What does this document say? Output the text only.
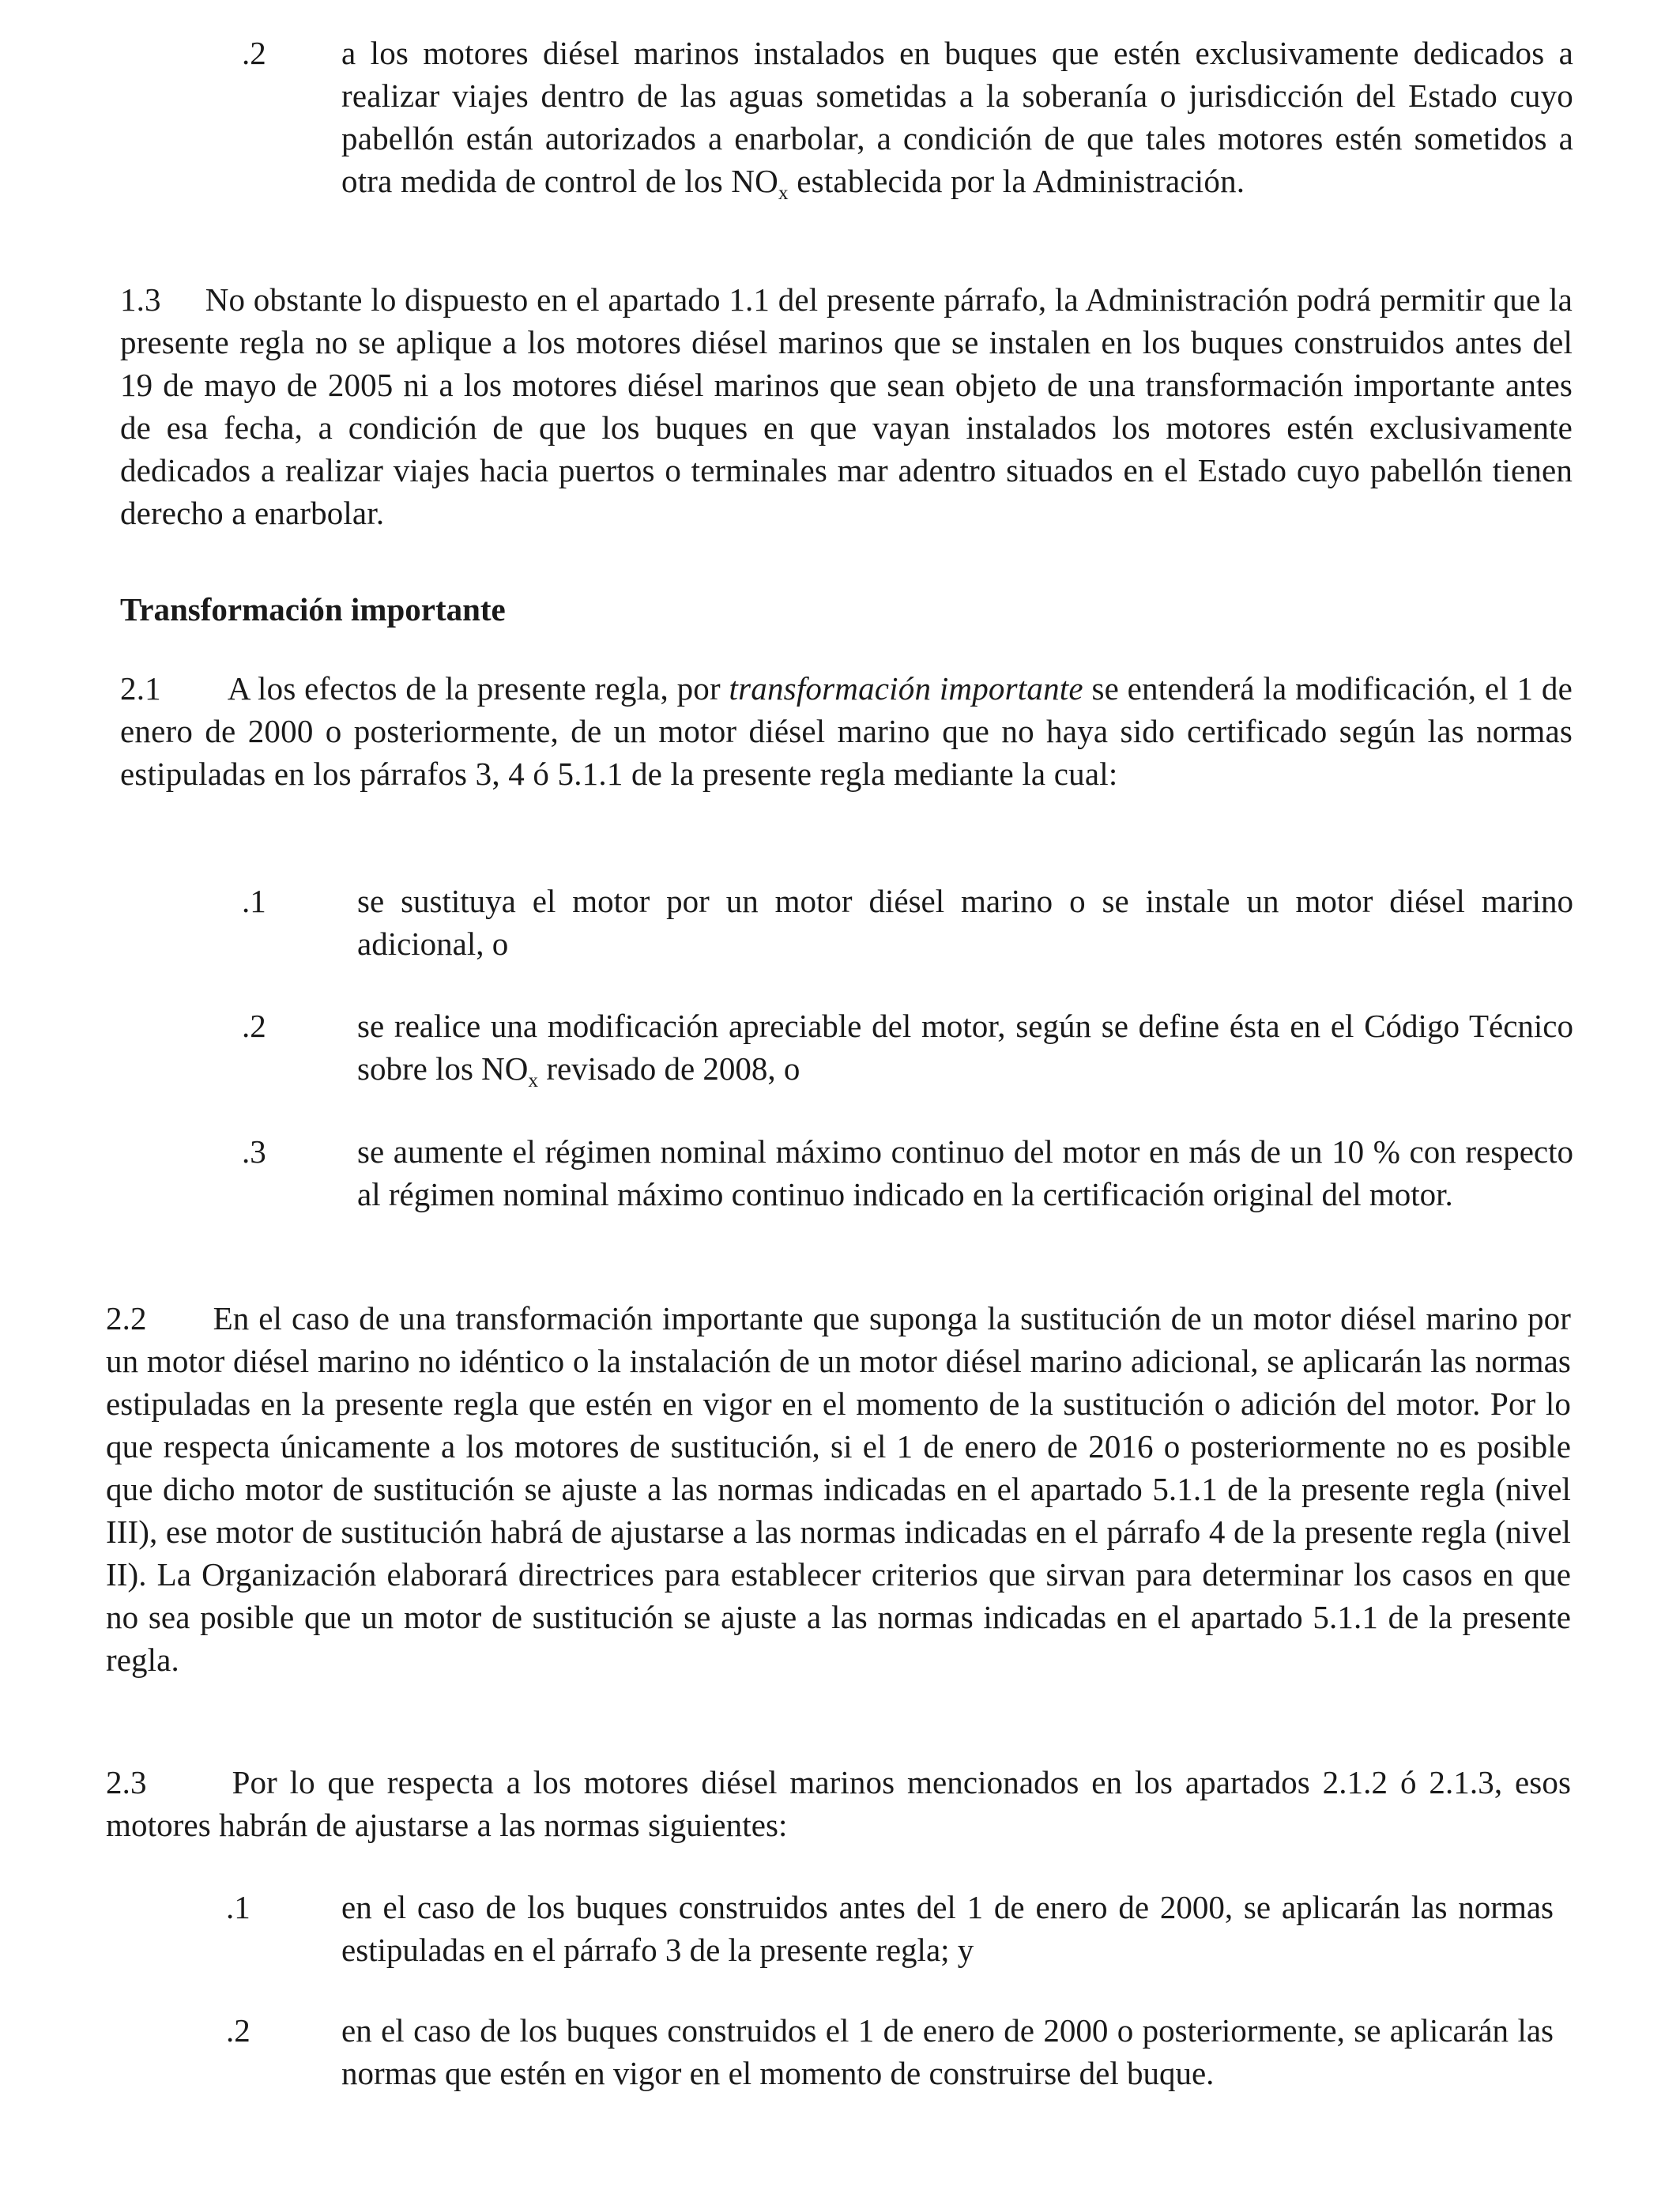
.2 a los motores diésel marinos instalados en buques que estén exclusivamente dedicados a realizar viajes dentro de las aguas sometidas a la soberanía o jurisdicción del Estado cuyo pabellón están autorizados a enarbolar, a condición de que tales motores estén sometidos a otra medida de control de los $NO_x$ establecida por la Administración.
1.3 No obstante lo dispuesto en el apartado 1.1 del presente párrafo, la Administración podrá permitir que la presente regla no se aplique a los motores diésel marinos que se instalen en los buques construidos antes del 19 de mayo de 2005 ni a los motores diésel marinos que sean objeto de una transformación importante antes de esa fecha, a condición de que los buques en que vayan instalados los motores estén exclusivamente dedicados a realizar viajes hacia puertos o terminales mar adentro situados en el Estado cuyo pabellón tienen derecho a enarbolar.
Transformación importante
2.1 A los efectos de la presente regla, por transformación importante se entenderá la modificación, el 1 de enero de 2000 o posteriormente, de un motor diésel marino que no haya sido certificado según las normas estipuladas en los párrafos 3, 4 ó 5.1.1 de la presente regla mediante la cual:
.1	se sustituya el motor por un motor diésel marino o se instale un motor diésel marino adicional, o
.2	se realice una modificación apreciable del motor, según se define ésta en el Código Técnico sobre los $NO_x$ revisado de 2008, o
.3	se aumente el régimen nominal máximo continuo del motor en más de un 10 % con respecto al régimen nominal máximo continuo indicado en la certificación original del motor.
2.2 En el caso de una transformación importante que suponga la sustitución de un motor diésel marino por un motor diésel marino no idéntico o la instalación de un motor diésel marino adicional, se aplicarán las normas estipuladas en la presente regla que estén en vigor en el momento de la sustitución o adición del motor. Por lo que respecta únicamente a los motores de sustitución, si el 1 de enero de 2016 o posteriormente no es posible que dicho motor de sustitución se ajuste a las normas indicadas en el apartado 5.1.1 de la presente regla (nivel III), ese motor de sustitución habrá de ajustarse a las normas indicadas en el párrafo 4 de la presente regla (nivel II). La Organización elaborará directrices para establecer criterios que sirvan para determinar los casos en que no sea posible que un motor de sustitución se ajuste a las normas indicadas en el apartado 5.1.1 de la presente regla.
2.3	Por lo que respecta a los motores diésel marinos mencionados en los apartados 2.1.2 ó 2.1.3, esos motores habrán de ajustarse a las normas siguientes:
.1	en el caso de los buques construidos antes del 1 de enero de 2000, se aplicarán las normas estipuladas en el párrafo 3 de la presente regla; y
.2	en el caso de los buques construidos el 1 de enero de 2000 o posteriormente, se aplicarán las normas que estén en vigor en el momento de construirse del buque.
